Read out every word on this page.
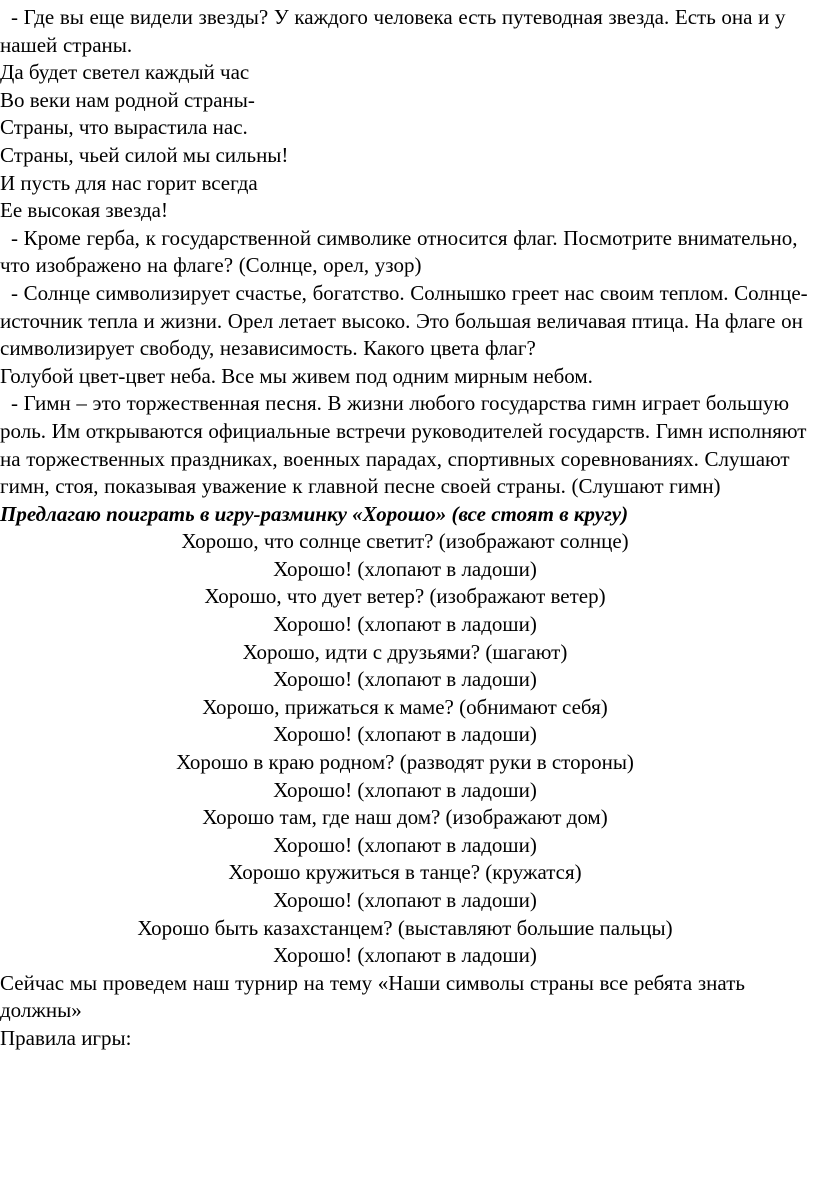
- Где вы еще видели звезды? У каждого человека есть путеводная звезда. Есть она и у нашей страны.

Да будет светел каждый час
Во веки нам родной страны-
Страны, что вырастила нас.
Страны, чьей силой мы сильны!
И пусть для нас горит всегда
Ее высокая звезда!

- Кроме герба, к государственной символике относится флаг. Посмотрите внимательно, что изображено на флаге? (Солнце, орел, узор)

- Солнце символизирует счастье, богатство. Солнышко греет нас своим теплом. Солнце-источник тепла и жизни. Орел летает высоко. Это большая величавая птица. На флаге он символизирует свободу, независимость. Какого цвета флаг?

Голубой цвет-цвет неба. Все мы живем под одним мирным небом.

- Гимн – это торжественная песня. В жизни любого государства гимн играет большую роль. Им открываются официальные встречи руководителей государств. Гимн исполняют на торжественных праздниках, военных парадах, спортивных соревнованиях. Слушают гимн, стоя, показывая уважение к главной песне своей страны. (Слушают гимн)

Предлагаю поиграть в игру-разминку «Хорошо» (все стоят в кругу)

Хорошо, что солнце светит? (изображают солнце)

Хорошо! (хлопают в ладоши)

Хорошо, что дует ветер? (изображают ветер)

Хорошо! (хлопают в ладоши)

Хорошо, идти с друзьями? (шагают)

Хорошо! (хлопают в ладоши)

Хорошо, прижаться к маме? (обнимают себя)

Хорошо! (хлопают в ладоши)

Хорошо в краю родном? (разводят руки в стороны)

Хорошо! (хлопают в ладоши)

Хорошо там, где наш дом? (изображают дом)

Хорошо! (хлопают в ладоши)

Хорошо кружиться в танце? (кружатся)

Хорошо! (хлопают в ладоши)

Хорошо быть казахстанцем? (выставляют большие пальцы)

Хорошо! (хлопают в ладоши)

Сейчас мы проведем наш турнир на тему «Наши символы страны все ребята знать должны»

Правила игры:
